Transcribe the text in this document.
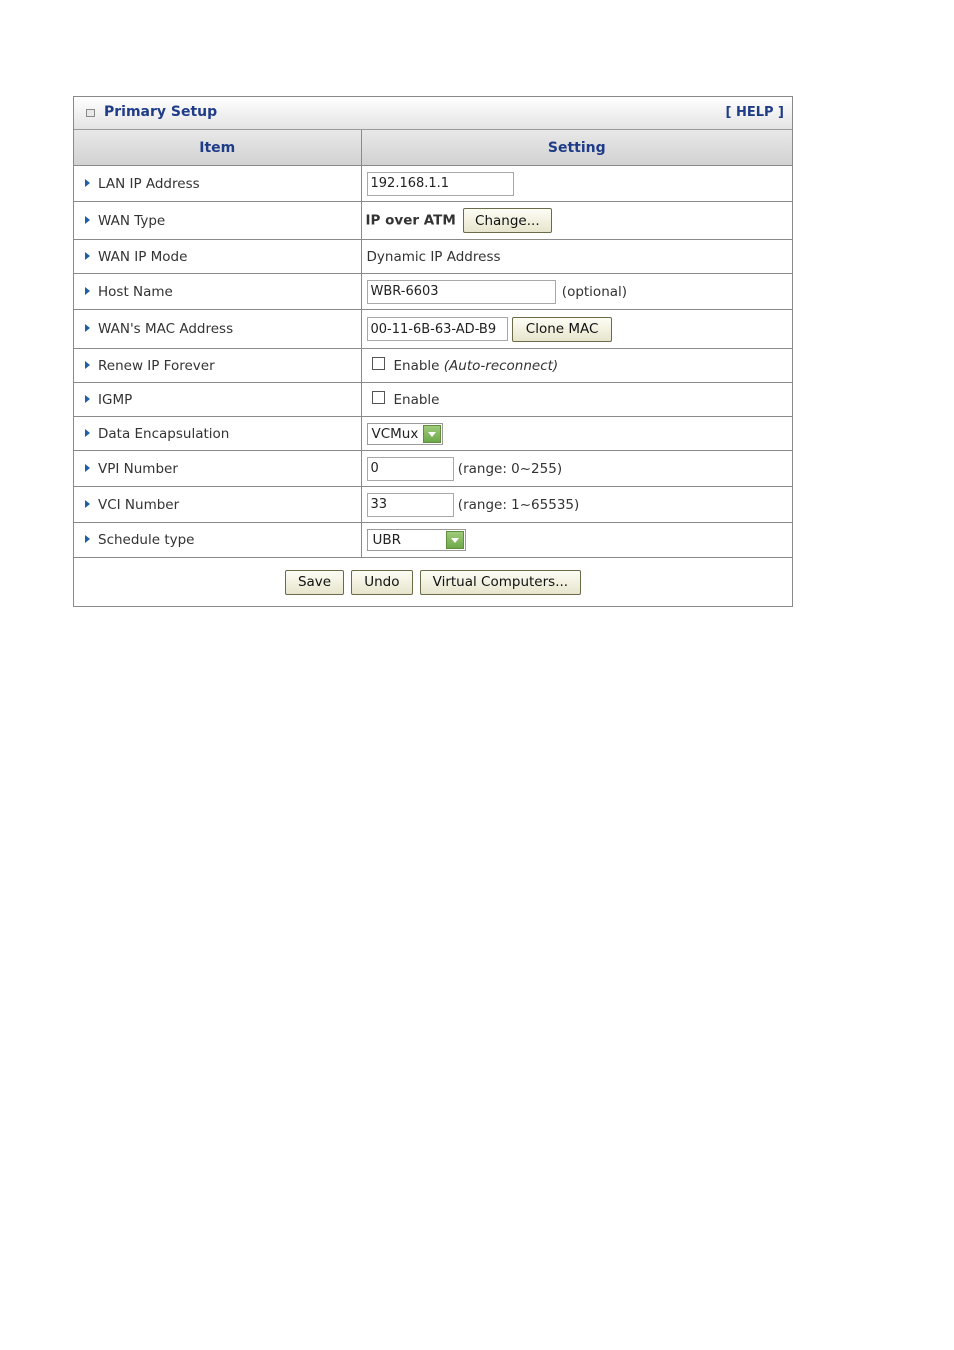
Primary Setup	[ HELP ]
Item	Setting
LAN IP Address	192.168.1.1
WAN Type	IP over ATM Change...
WAN IP Mode	Dynamic IP Address
Host Name	WBR-6603(optional)
WAN's MAC Address	00-11-6B-63-AD-B9Clone MAC
Renew IP Forever	Enable (Auto-reconnect)
IGMP	Enable
Data Encapsulation	VCMux

VPI Number	0(range: 0~255)
VCI Number	33(range: 1~65535)
Schedule type	UBR

Save Undo Virtual Computers...	
